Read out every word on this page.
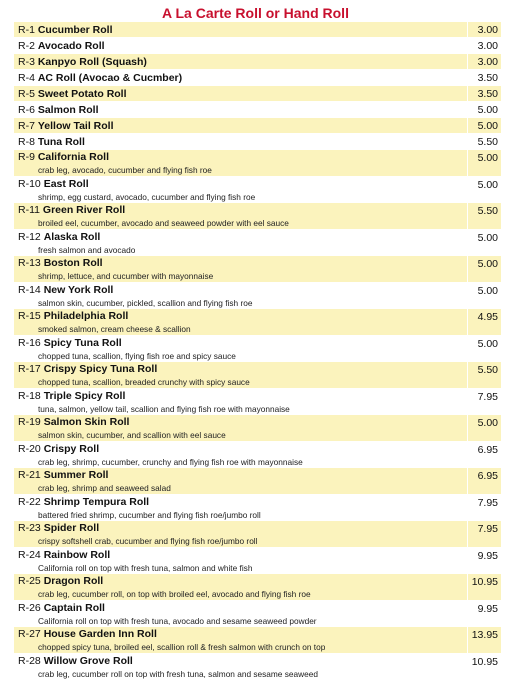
A La Carte Roll or Hand Roll
R-1 Cucumber Roll	3.00
R-2 Avocado Roll	3.00
R-3 Kanpyo Roll (Squash)	3.00
R-4 AC Roll (Avocao & Cucmber)	3.50
R-5 Sweet Potato Roll	3.50
R-6 Salmon Roll	5.00
R-7 Yellow Tail Roll	5.00
R-8 Tuna Roll	5.50
R-9 California Roll
crab leg, avocado, cucumber and flying fish roe
5.00
R-10 East Roll
shrimp, egg custard, avocado, cucumber and flying fish roe
5.00
R-11 Green River Roll
broiled eel, cucumber, avocado and seaweed powder with eel sauce
5.50
R-12 Alaska Roll
fresh salmon and avocado
5.00
R-13 Boston Roll
shrimp, lettuce, and cucumber with mayonnaise
5.00
R-14 New York Roll
salmon skin, cucumber, pickled, scallion and flying fish roe
5.00
R-15 Philadelphia Roll
smoked salmon, cream cheese & scallion
4.95
R-16 Spicy Tuna Roll
chopped tuna, scallion, flying fish roe and spicy sauce
5.00
R-17 Crispy Spicy Tuna Roll
chopped tuna, scallion, breaded crunchy with spicy sauce
5.50
R-18 Triple Spicy Roll
tuna, salmon, yellow tail, scallion and flying fish roe with mayonnaise
7.95
R-19 Salmon Skin Roll
salmon skin, cucumber, and scallion with eel sauce
5.00
R-20 Crispy Roll
crab leg, shrimp, cucumber, crunchy and flying fish roe with mayonnaise
6.95
R-21 Summer Roll
crab leg, shrimp and seaweed salad
6.95
R-22 Shrimp Tempura Roll
battered fried shrimp, cucumber and flying fish roe/jumbo roll
7.95
R-23 Spider Roll
crispy softshell crab, cucumber and flying fish roe/jumbo roll
7.95
R-24 Rainbow Roll
California roll on top with fresh tuna, salmon and white fish
9.95
R-25 Dragon Roll
crab leg, cucumber roll, on top with broiled eel, avocado and flying fish roe
10.95
R-26 Captain Roll
California roll on top with fresh tuna, avocado and sesame seaweed powder
9.95
R-27 House Garden Inn Roll
chopped spicy tuna, broiled eel, scallion roll & fresh salmon with crunch on top
13.95
R-28 Willow Grove Roll
crab leg, cucumber roll on top with fresh tuna, salmon and sesame seaweed
10.95
